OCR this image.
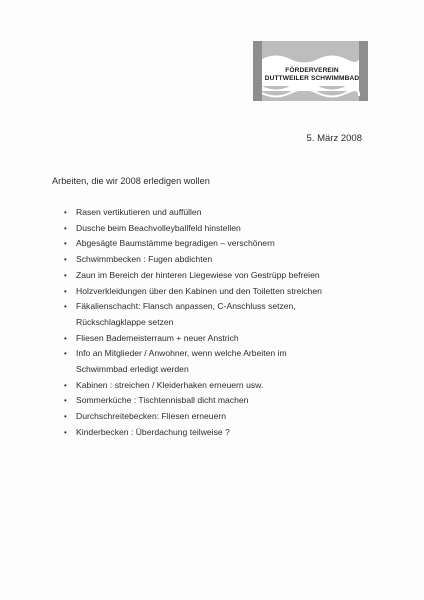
FÖRDERVEREIN
DUTTWEILER SCHWIMMBAD
5. März 2008
Arbeiten, die wir 2008 erledigen wollen
• Rasen vertikutieren und auffüllen
• Dusche beim Beachvolleyballfeld hinstellen
• Abgesägte Baumstämme begradigen – verschönern
• Schwimmbecken : Fugen abdichten
• Zaun im Bereich der hinteren Liegewiese von Gestrüpp befreien
• Holzverkleidungen über den Kabinen und den Toiletten streichen
• Fäkalienschacht: Flansch anpassen, C-Anschluss setzen,
Rückschlagklappe setzen
• Fliesen Bademeisterraum + neuer Anstrich
• Info an Mitglieder / Anwohner, wenn welche Arbeiten im
Schwimmbad erledigt werden
• Kabinen : streichen / Kleiderhaken erneuern usw.
• Sommerküche : Tischtennisball dicht machen
• Durchschreitebecken: Fliesen erneuern
• Kinderbecken : Überdachung teilweise ?
